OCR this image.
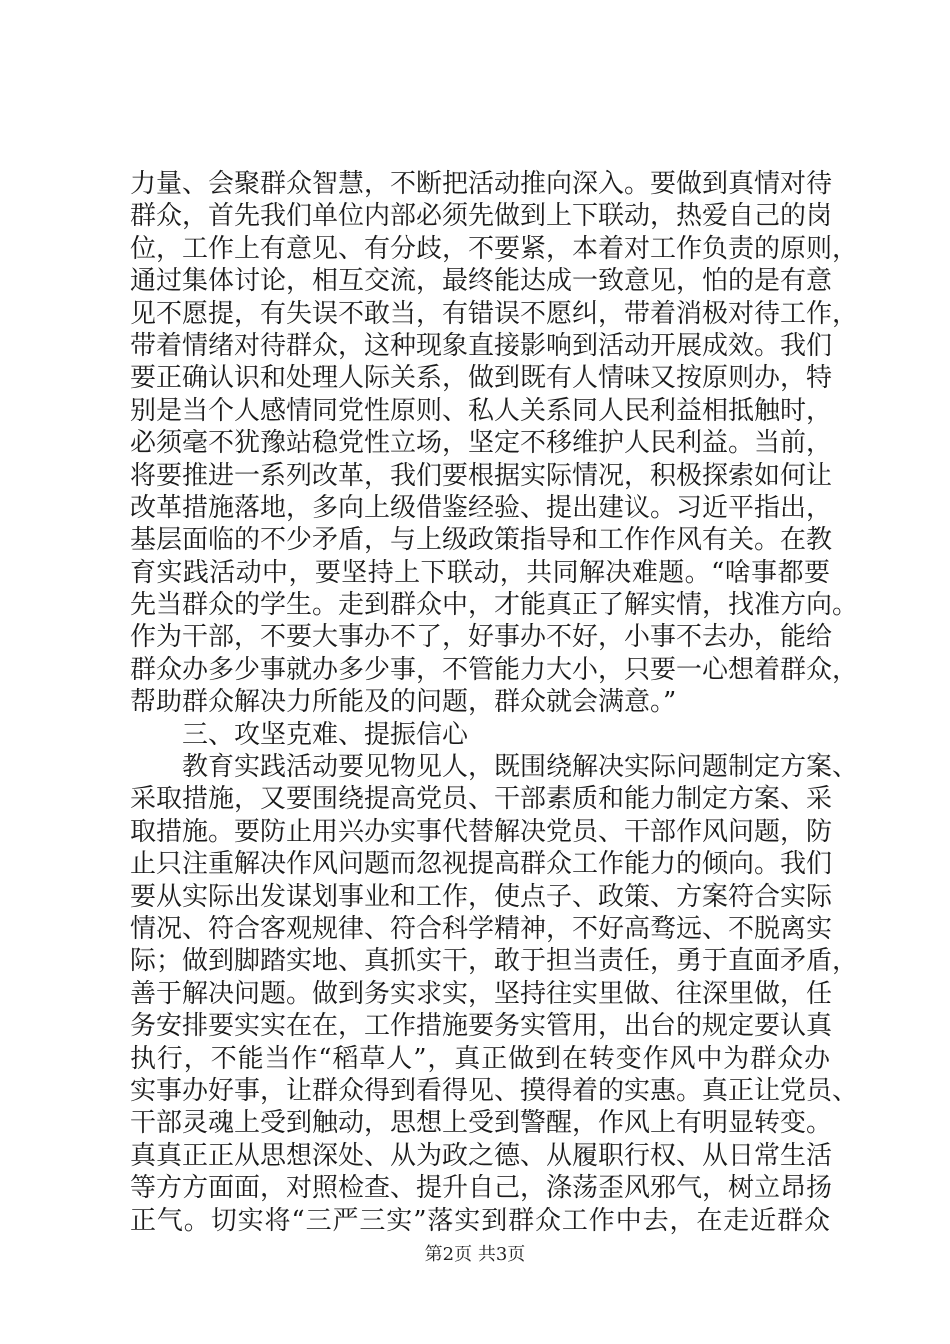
力量、会聚群众智慧，不断把活动推向深入。要做到真情对待
群众，首先我们单位内部必须先做到上下联动，热爱自己的岗
位，工作上有意见、有分歧，不要紧，本着对工作负责的原则，
通过集体讨论，相互交流，最终能达成一致意见，怕的是有意
见不愿提，有失误不敢当，有错误不愿纠，带着消极对待工作，
带着情绪对待群众，这种现象直接影响到活动开展成效。我们
要正确认识和处理人际关系，做到既有人情味又按原则办，特
别是当个人感情同党性原则、私人关系同人民利益相抵触时，
必须毫不犹豫站稳党性立场，坚定不移维护人民利益。当前，
将要推进一系列改革，我们要根据实际情况，积极探索如何让
改革措施落地，多向上级借鉴经验、提出建议。习近平指出，
基层面临的不少矛盾，与上级政策指导和工作作风有关。在教
育实践活动中，要坚持上下联动，共同解决难题。“啥事都要
先当群众的学生。走到群众中，才能真正了解实情，找准方向。
作为干部，不要大事办不了，好事办不好，小事不去办，能给
群众办多少事就办多少事，不管能力大小，只要一心想着群众，
帮助群众解决力所能及的问题，群众就会满意。”
三、攻坚克难、提振信心
教育实践活动要见物见人，既围绕解决实际问题制定方案、
采取措施，又要围绕提高党员、干部素质和能力制定方案、采
取措施。要防止用兴办实事代替解决党员、干部作风问题，防
止只注重解决作风问题而忽视提高群众工作能力的倾向。我们
要从实际出发谋划事业和工作，使点子、政策、方案符合实际
情况、符合客观规律、符合科学精神，不好高骛远、不脱离实
际；做到脚踏实地、真抓实干，敢于担当责任，勇于直面矛盾，
善于解决问题。做到务实求实，坚持往实里做、往深里做，任
务安排要实实在在，工作措施要务实管用，出台的规定要认真
执行，不能当作“稻草人”，真正做到在转变作风中为群众办
实事办好事，让群众得到看得见、摸得着的实惠。真正让党员、
干部灵魂上受到触动，思想上受到警醒，作风上有明显转变。
真真正正从思想深处、从为政之德、从履职行权、从日常生活
等方方面面，对照检查、提升自己，涤荡歪风邪气，树立昂扬
正气。切实将“三严三实”落实到群众工作中去，在走近群众
第2页 共3页
